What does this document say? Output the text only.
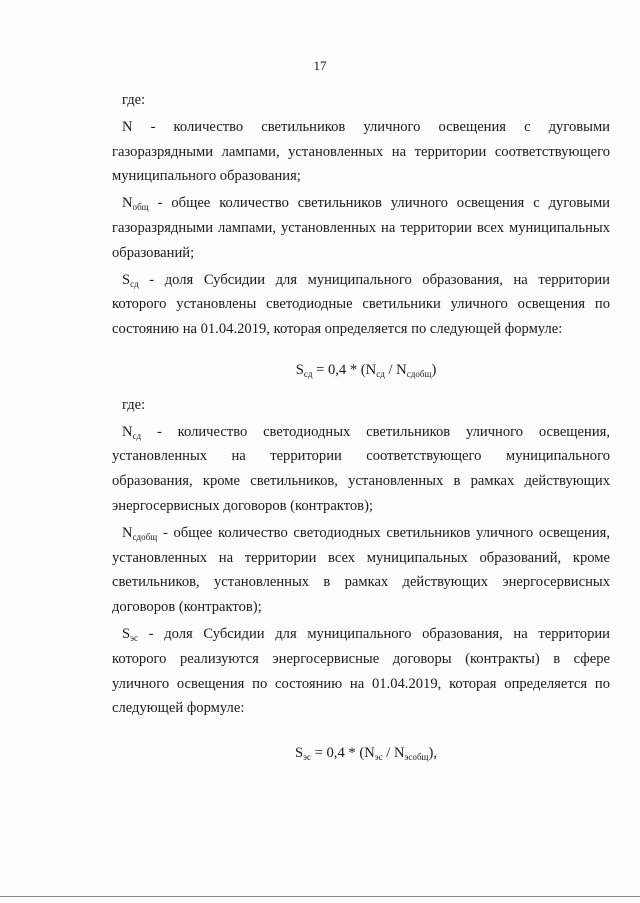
17
где:

N - количество светильников уличного освещения с дуговыми газоразрядными лампами, установленных на территории соответствующего муниципального образования;

$N_{общ}$ - общее количество светильников уличного освещения с дуговыми газоразрядными лампами, установленных на территории всех муниципальных образований;

$S_{сд}$ - доля Субсидии для муниципального образования, на территории которого установлены светодиодные светильники уличного освещения по состоянию на 01.04.2019, которая определяется по следующей формуле:

$S_{сд} = 0,4 * (N_{сд} / N_{сдобщ})$
где:

$N_{сд}$ - количество светодиодных светильников уличного освещения, установленных на территории соответствующего муниципального образования, кроме светильников, установленных в рамках действующих энергосервисных договоров (контрактов);

$N_{сдобщ}$ - общее количество светодиодных светильников уличного освещения, установленных на территории всех муниципальных образований, кроме светильников, установленных в рамках действующих энергосервисных договоров (контрактов);

$S_{эс}$ - доля Субсидии для муниципального образования, на территории которого реализуются энергосервисные договоры (контракты) в сфере уличного освещения по состоянию на 01.04.2019, которая определяется по следующей формуле:

$S_{эс} = 0,4 * (N_{эс} / N_{эсобщ})$,
